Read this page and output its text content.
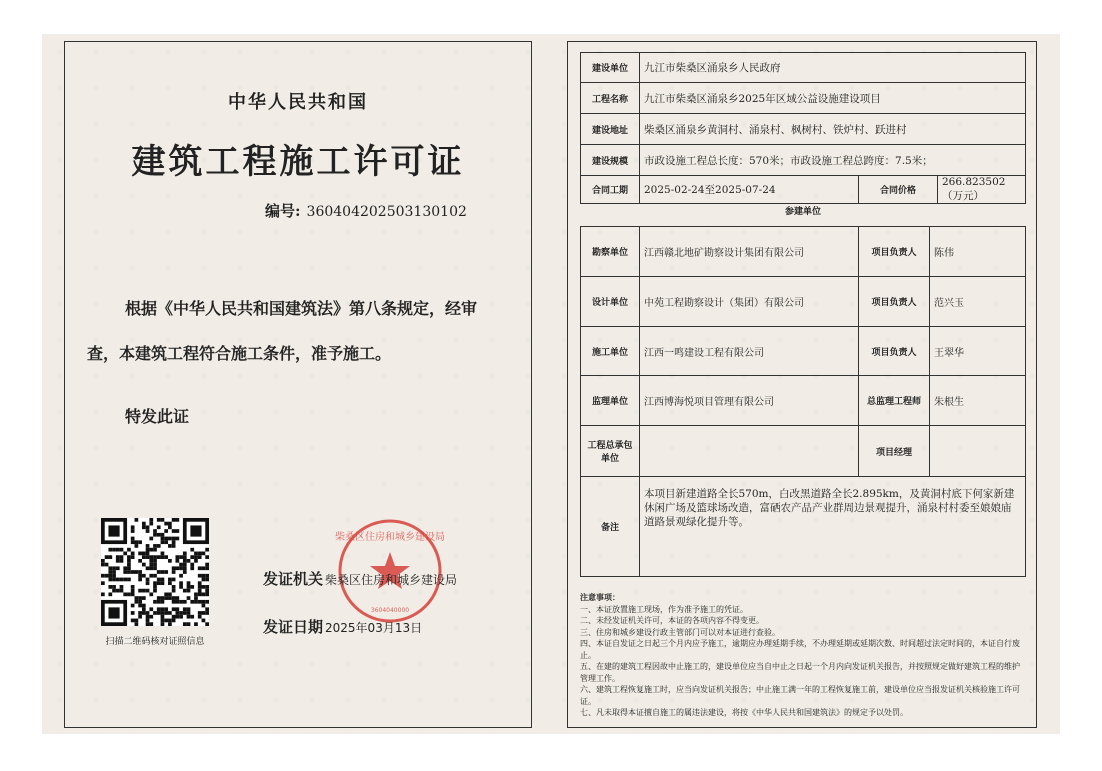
中华人民共和国
建筑工程施工许可证
编号: 360404202503130102
根据《中华人民共和国建筑法》第八条规定，经审查，本建筑工程符合施工条件，准予施工。
特发此证
扫描二维码核对证照信息
柴桑区住房和城乡建设局
3604040000
发证机关 柴桑区住房和城乡建设局
发证日期 2025年03月13日
建设单位	九江市柴桑区涌泉乡人民政府		
工程名称	九江市柴桑区涌泉乡2025年区域公益设施建设项目		
建设地址	柴桑区涌泉乡黄洞村、涌泉村、枫树村、铁炉村、跃进村		
建设规模	市政设施工程总长度：570米；市政设施工程总跨度：7.5米；		
合同工期	2025-02-24至2025-07-24	合同价格	266.823502（万元）
参建单位
勘察单位	江西赣北地矿勘察设计集团有限公司	项目负责人	陈伟
设计单位	中苑工程勘察设计（集团）有限公司	项目负责人	范兴玉
施工单位	江西一鸣建设工程有限公司	项目负责人	王翠华
监理单位	江西博海悦项目管理有限公司	总监理工程师	朱根生
工程总承包单位		项目经理	
备注	本项目新建道路全长570m，白改黑道路全长2.895km，及黄洞村底下何家新建休闲广场及篮球场改造，富硒农产品产业群周边景观提升，涌泉村村委至娘娘庙道路景观绿化提升等。		
注意事项：
一、本证放置施工现场，作为准予施工的凭证。
二、未经发证机关许可，本证的各项内容不得变更。
三、住房和城乡建设行政主管部门可以对本证进行查验。
四、本证自发证之日起三个月内应予施工，逾期应办理延期手续，不办理延期或延期次数、时间超过法定时间的，本证自行废止。
五、在建的建筑工程因故中止施工的，建设单位应当自中止之日起一个月内向发证机关报告，并按照规定做好建筑工程的维护管理工作。
六、建筑工程恢复施工时，应当向发证机关报告；中止施工满一年的工程恢复施工前，建设单位应当报发证机关核验施工许可证。
七、凡未取得本证擅自施工的属违法建设，将按《中华人民共和国建筑法》的规定予以处罚。
